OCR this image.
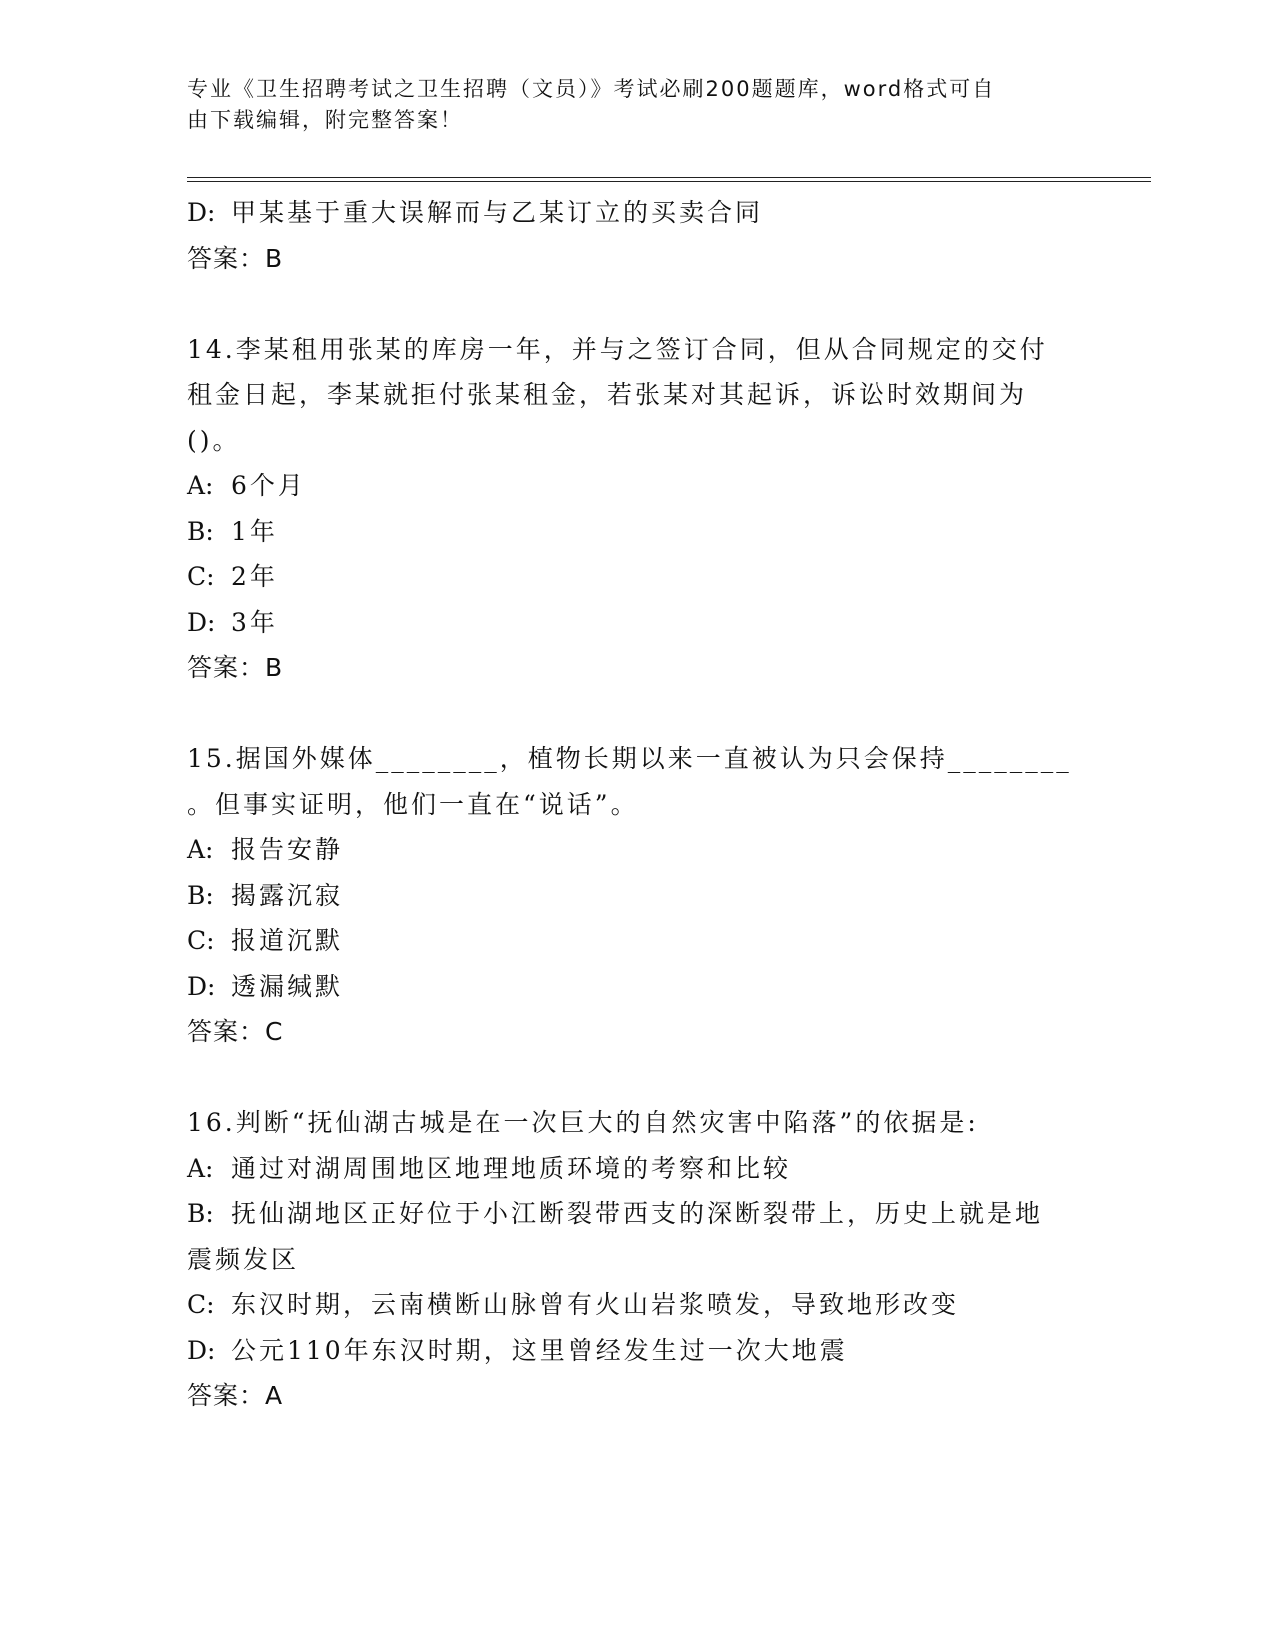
专业《卫生招聘考试之卫生招聘（文员）》考试必刷200题题库，word格式可自
由下载编辑，附完整答案！
D: 甲某基于重大误解而与乙某订立的买卖合同
答案：B
14.李某租用张某的库房一年，并与之签订合同，但从合同规定的交付
租金日起，李某就拒付张某租金，若张某对其起诉，诉讼时效期间为
()。
A: 6个月
B: 1年
C: 2年
D: 3年
答案：B
15.据国外媒体________，植物长期以来一直被认为只会保持________
。但事实证明，他们一直在“说话”。
A: 报告安静
B: 揭露沉寂
C: 报道沉默
D: 透漏缄默
答案：C
16.判断“抚仙湖古城是在一次巨大的自然灾害中陷落”的依据是:
A: 通过对湖周围地区地理地质环境的考察和比较
B: 抚仙湖地区正好位于小江断裂带西支的深断裂带上，历史上就是地
震频发区
C: 东汉时期，云南横断山脉曾有火山岩浆喷发，导致地形改变
D: 公元110年东汉时期，这里曾经发生过一次大地震
答案：A
